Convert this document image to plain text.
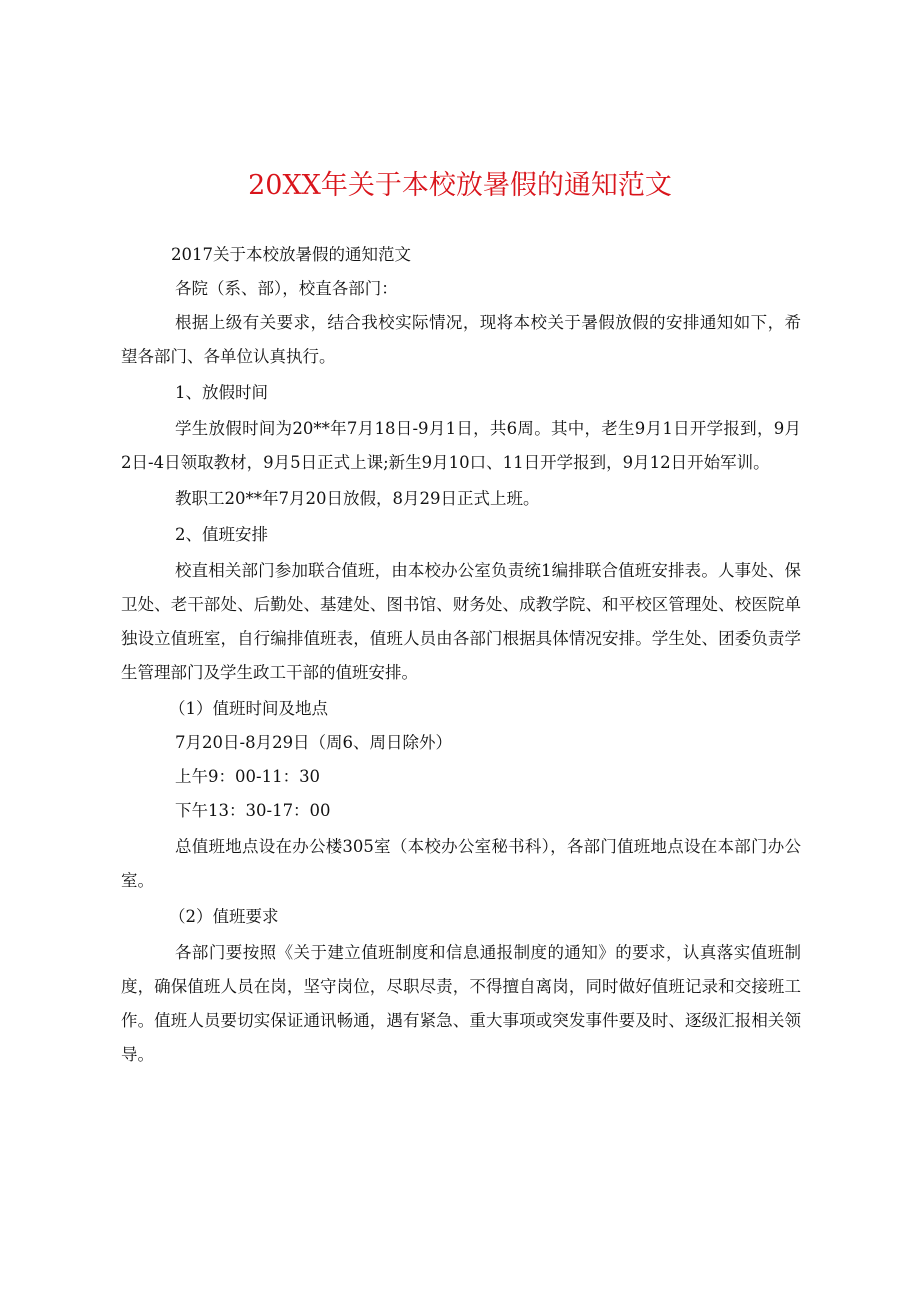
20XX年关于本校放暑假的通知范文
2017关于本校放暑假的通知范文
各院（系、部），校直各部门：
根据上级有关要求，结合我校实际情况，现将本校关于暑假放假的安排通知如下，希望各部门、各单位认真执行。
1、放假时间
学生放假时间为20**年7月18日-9月1日，共6周。其中，老生9月1日开学报到，9月2日-4日领取教材，9月5日正式上课;新生9月10口、11日开学报到，9月12日开始军训。
教职工20**年7月20日放假，8月29日正式上班。
2、值班安排
校直相关部门参加联合值班，由本校办公室负责统1编排联合值班安排表。人事处、保卫处、老干部处、后勤处、基建处、图书馆、财务处、成教学院、和平校区管理处、校医院单独设立值班室，自行编排值班表，值班人员由各部门根据具体情况安排。学生处、团委负责学生管理部门及学生政工干部的值班安排。
（1）值班时间及地点
7月20日-8月29日（周6、周日除外）
上午9：00-11：30
下午13：30-17：00
总值班地点设在办公楼305室（本校办公室秘书科），各部门值班地点设在本部门办公室。
（2）值班要求
各部门要按照《关于建立值班制度和信息通报制度的通知》的要求，认真落实值班制度，确保值班人员在岗，坚守岗位，尽职尽责，不得擅自离岗，同时做好值班记录和交接班工作。值班人员要切实保证通讯畅通，遇有紧急、重大事项或突发事件要及时、逐级汇报相关领导。
